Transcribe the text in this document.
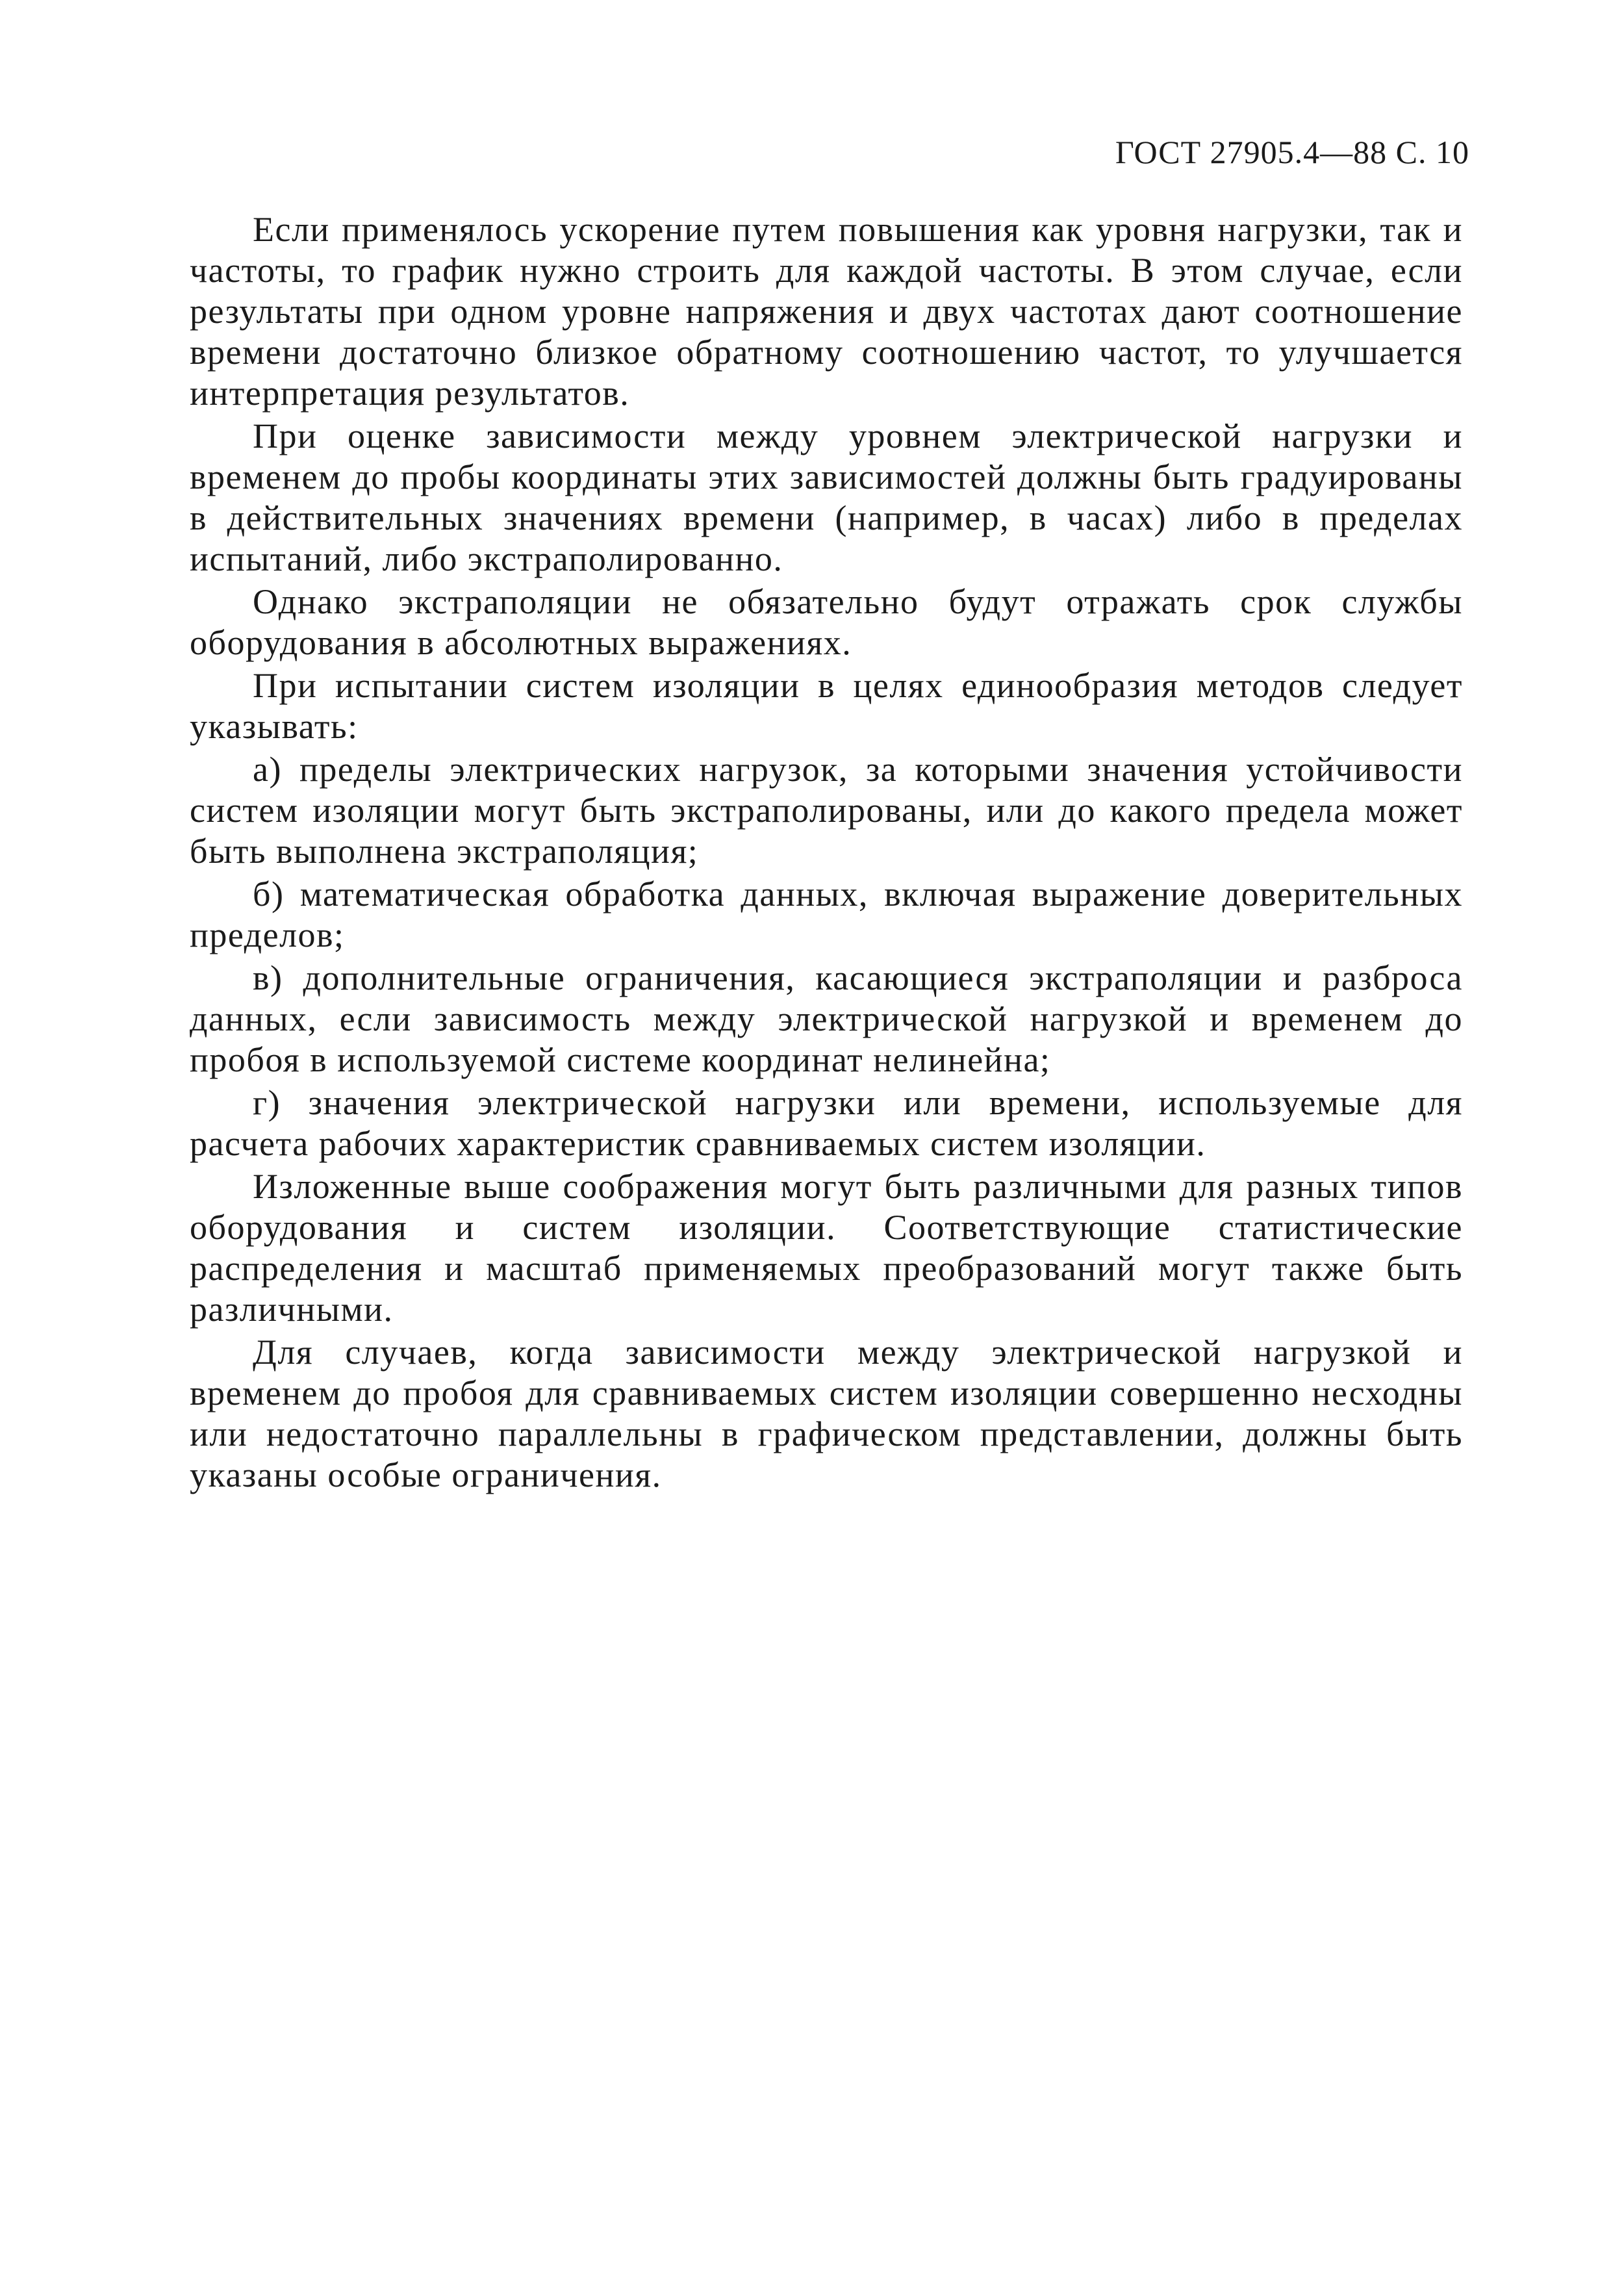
ГОСТ 27905.4—88 С. 10

Если применялось ускорение путем повышения как уровня нагрузки, так и частоты, то график нужно строить для каждой частоты. В этом случае, если результаты при одном уровне напряжения и двух частотах дают соотношение времени достаточно близкое обратному соотношению частот, то улучшается интерпретация результатов.

При оценке зависимости между уровнем электрической нагрузки и временем до пробы координаты этих зависимостей должны быть градуированы в действительных значениях времени (например, в часах) либо в пределах испытаний, либо экстраполированно.

Однако экстраполяции не обязательно будут отражать срок службы оборудования в абсолютных выражениях.

При испытании систем изоляции в целях единообразия методов следует указывать:

а) пределы электрических нагрузок, за которыми значения устойчивости систем изоляции могут быть экстраполированы, или до какого предела может быть выполнена экстраполяция;

б) математическая обработка данных, включая выражение доверительных пределов;

в) дополнительные ограничения, касающиеся экстраполяции и разброса данных, если зависимость между электрической нагрузкой и временем до пробоя в используемой системе координат нелинейна;

г) значения электрической нагрузки или времени, используемые для расчета рабочих характеристик сравниваемых систем изоляции.

Изложенные выше соображения могут быть различными для разных типов оборудования и систем изоляции. Соответствующие статистические распределения и масштаб применяемых преобразований могут также быть различными.

Для случаев, когда зависимости между электрической нагрузкой и временем до пробоя для сравниваемых систем изоляции совершенно несходны или недостаточно параллельны в графическом представлении, должны быть указаны особые ограничения.
